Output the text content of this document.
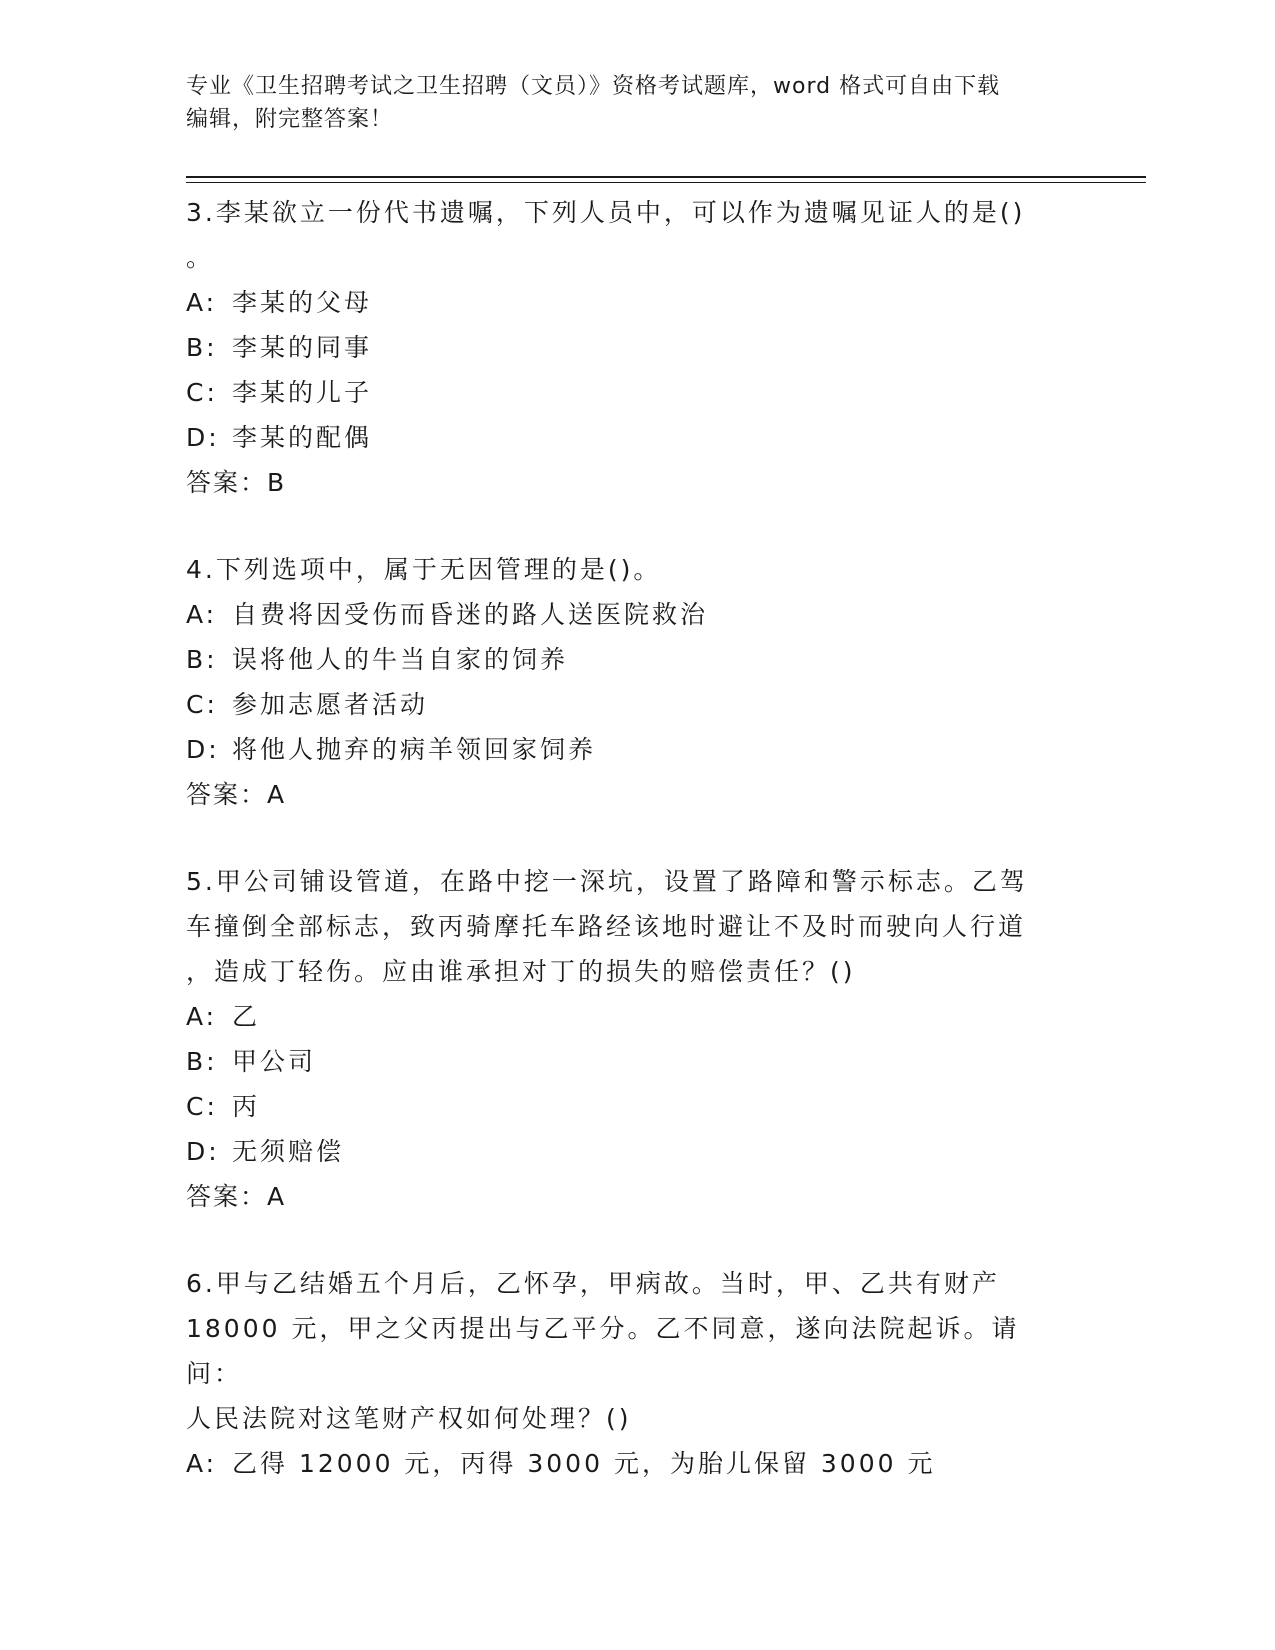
专业《卫生招聘考试之卫生招聘（文员）》资格考试题库，word 格式可自由下载
编辑，附完整答案！
3.李某欲立一份代书遗嘱，下列人员中，可以作为遗嘱见证人的是()
。
A: 李某的父母
B: 李某的同事
C: 李某的儿子
D: 李某的配偶
答案：B
4.下列选项中，属于无因管理的是()。
A: 自费将因受伤而昏迷的路人送医院救治
B: 误将他人的牛当自家的饲养
C: 参加志愿者活动
D: 将他人抛弃的病羊领回家饲养
答案：A
5.甲公司铺设管道，在路中挖一深坑，设置了路障和警示标志。乙驾
车撞倒全部标志，致丙骑摩托车路经该地时避让不及时而驶向人行道
，造成丁轻伤。应由谁承担对丁的损失的赔偿责任？()
A: 乙
B: 甲公司
C: 丙
D: 无须赔偿
答案：A
6.甲与乙结婚五个月后，乙怀孕，甲病故。当时，甲、乙共有财产
18000 元，甲之父丙提出与乙平分。乙不同意，遂向法院起诉。请问：
人民法院对这笔财产权如何处理？()
A: 乙得 12000 元，丙得 3000 元，为胎儿保留 3000 元
